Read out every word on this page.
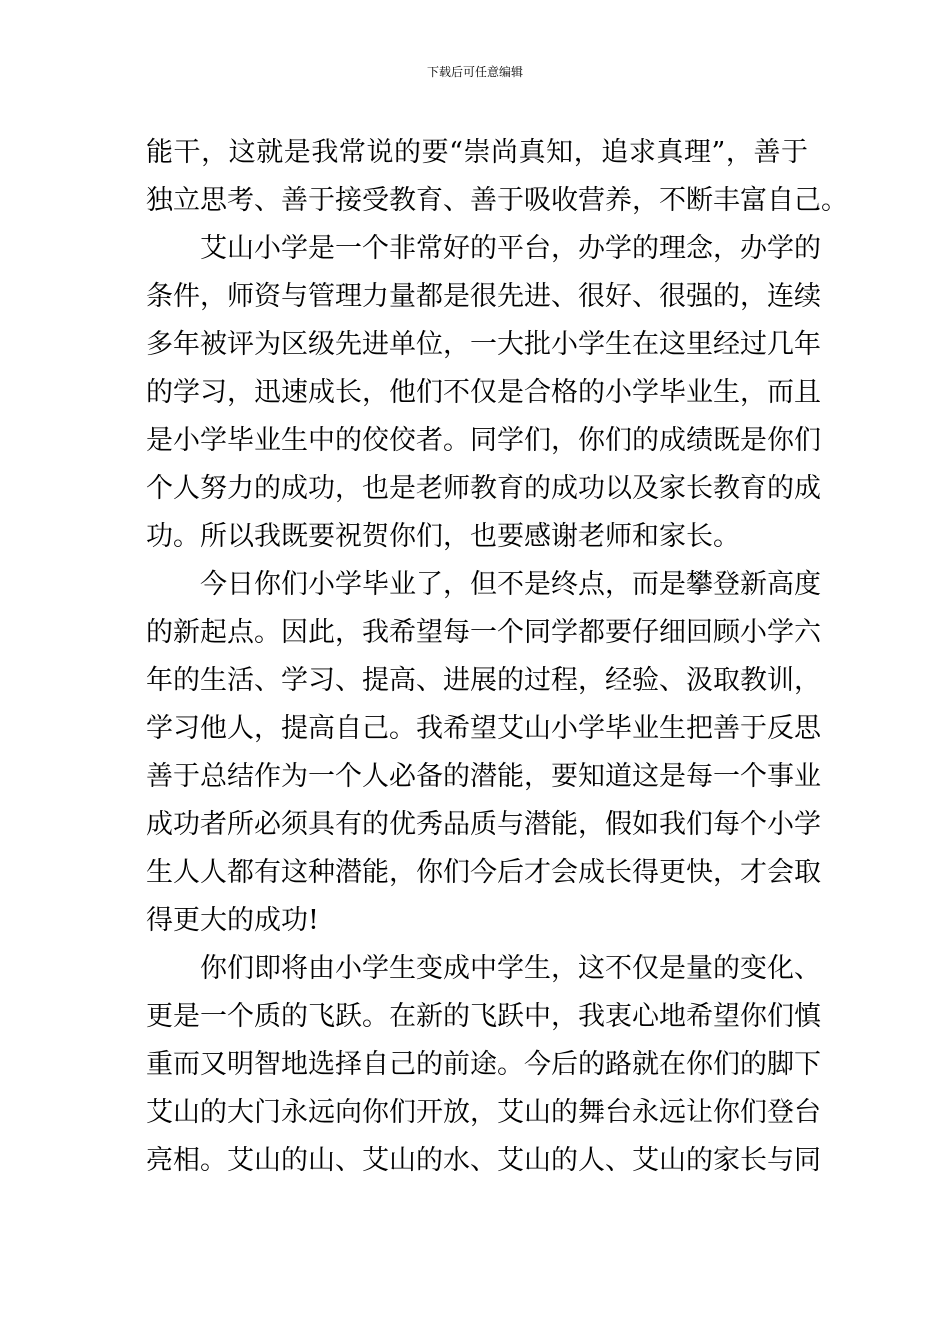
下载后可任意编辑
能干，这就是我常说的要“崇尚真知，追求真理”，善于
独立思考、善于接受教育、善于吸收营养，不断丰富自己。
艾山小学是一个非常好的平台，办学的理念，办学的
条件，师资与管理力量都是很先进、很好、很强的，连续
多年被评为区级先进单位，一大批小学生在这里经过几年
的学习，迅速成长，他们不仅是合格的小学毕业生，而且
是小学毕业生中的佼佼者。同学们，你们的成绩既是你们
个人努力的成功，也是老师教育的成功以及家长教育的成
功。所以我既要祝贺你们，也要感谢老师和家长。
今日你们小学毕业了，但不是终点，而是攀登新高度
的新起点。因此，我希望每一个同学都要仔细回顾小学六
年的生活、学习、提高、进展的过程，经验、汲取教训，
学习他人，提高自己。我希望艾山小学毕业生把善于反思
善于总结作为一个人必备的潜能，要知道这是每一个事业
成功者所必须具有的优秀品质与潜能，假如我们每个小学
生人人都有这种潜能，你们今后才会成长得更快，才会取
得更大的成功!
你们即将由小学生变成中学生，这不仅是量的变化、
更是一个质的飞跃。在新的飞跃中，我衷心地希望你们慎
重而又明智地选择自己的前途。今后的路就在你们的脚下
艾山的大门永远向你们开放，艾山的舞台永远让你们登台
亮相。艾山的山、艾山的水、艾山的人、艾山的家长与同
